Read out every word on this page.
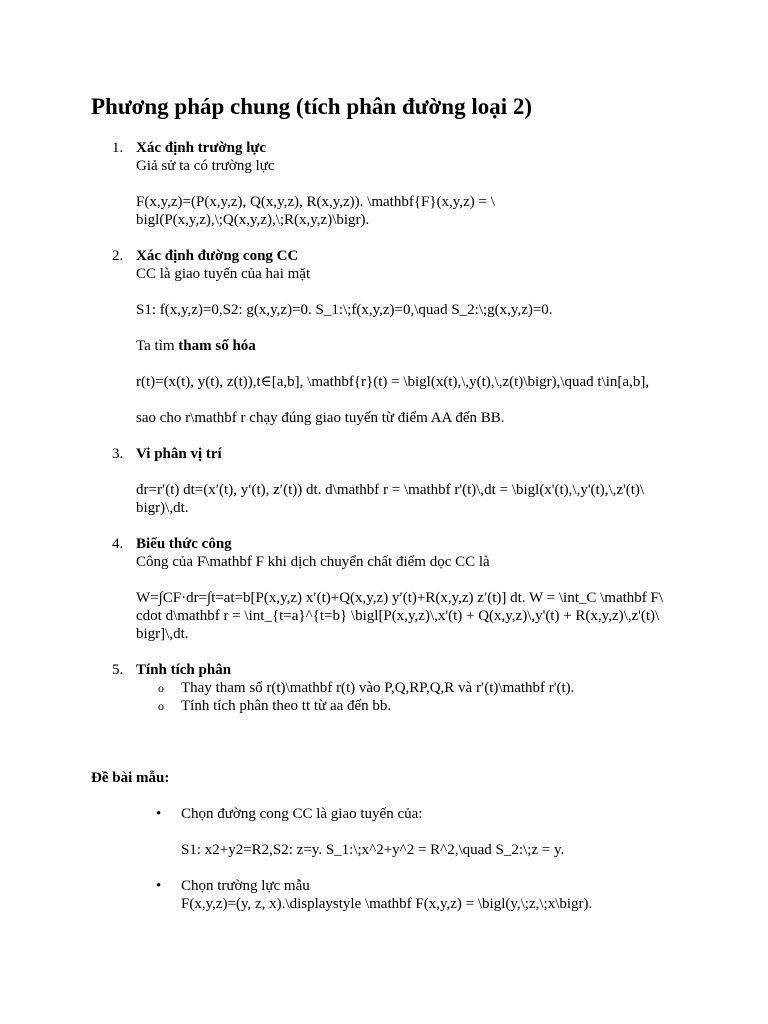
Phương pháp chung (tích phân đường loại 2)
1. Xác định trường lực

Giả sử ta có trường lực

F(x,y,z)=(P(x,y,z), Q(x,y,z), R(x,y,z)). \mathbf{F}(x,y,z) = \ bigl(P(x,y,z),\;Q(x,y,z),\;R(x,y,z)\bigr).

2. Xác định đường cong CC

CC là giao tuyến của hai mặt

S1: f(x,y,z)=0,S2: g(x,y,z)=0. S_1:\;f(x,y,z)=0,\quad S_2:\;g(x,y,z)=0.

Ta tìm tham số hóa

r(t)=(x(t), y(t), z(t)),t∈[a,b], \mathbf{r}(t) = \bigl(x(t),\,y(t),\,z(t)\bigr),\quad t\in[a,b],

sao cho r\mathbf r chạy đúng giao tuyến từ điểm AA đến BB.

3. Vi phân vị trí

dr=r′(t) dt=(x′(t), y′(t), z′(t)) dt. d\mathbf r = \mathbf r'(t)\,dt = \bigl(x'(t),\,y'(t),\,z'(t)\ bigr)\,dt.

4. Biểu thức công

Công của F\mathbf F khi dịch chuyển chất điểm dọc CC là

W=∫CF·dr=∫t=at=b[P(x,y,z) x′(t)+Q(x,y,z) y′(t)+R(x,y,z) z′(t)] dt. W = \int_C \mathbf F\ cdot d\mathbf r = \int_{t=a}^{t=b} \bigl[P(x,y,z)\,x'(t) + Q(x,y,z)\,y'(t) + R(x,y,z)\,z'(t)\ bigr]\,dt.

5. Tính tích phân

o Thay tham số r(t)\mathbf r(t) vào P,Q,RP,Q,R và r′(t)\mathbf r'(t).

o Tính tích phân theo tt từ aa đến bb.

Đề bài mẫu:
• Chọn đường cong CC là giao tuyến của:

S1: x2+y2=R2,S2: z=y. S_1:\;x^2+y^2 = R^2,\quad S_2:\;z = y.

• Chọn trường lực mẫu

F(x,y,z)=(y, z, x).\displaystyle \mathbf F(x,y,z) = \bigl(y,\;z,\;x\bigr).
